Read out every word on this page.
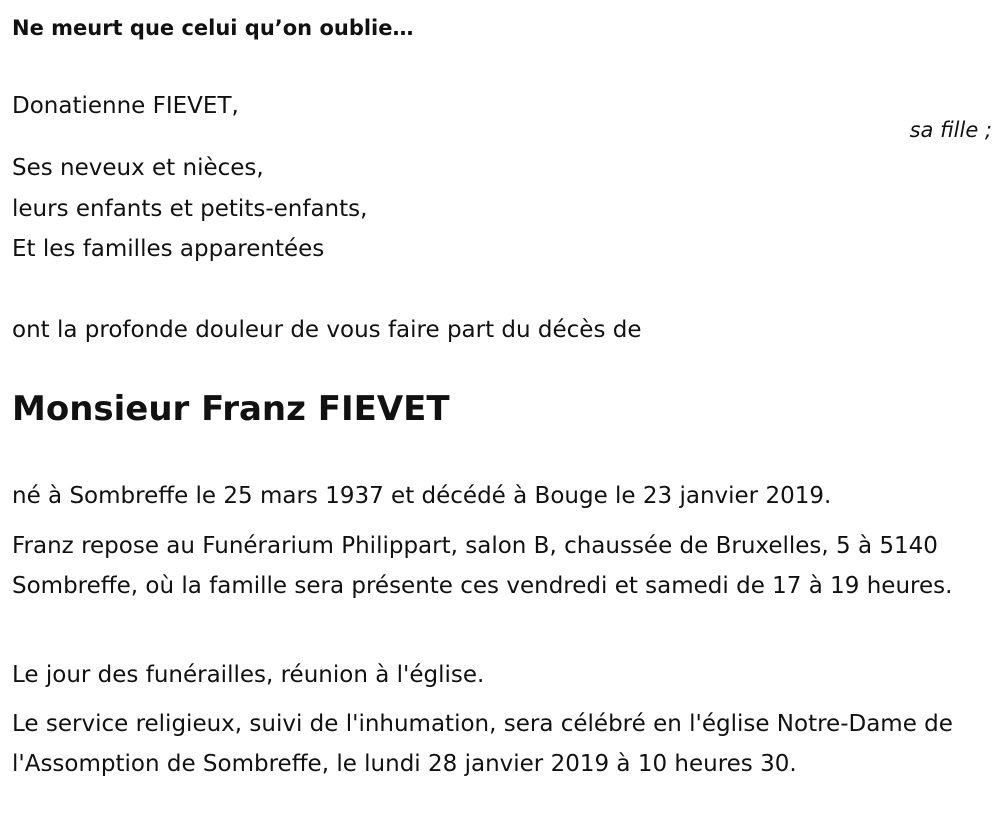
Ne meurt que celui qu’on oublie…

Donatienne FIEVET,

sa fille ;

Ses neveux et nièces,

leurs enfants et petits-enfants,

Et les familles apparentées

ont la profonde douleur de vous faire part du décès de

Monsieur Franz FIEVET

né à Sombreffe le 25 mars 1937 et décédé à Bouge le 23 janvier 2019.

Franz repose au Funérarium Philippart, salon B, chaussée de Bruxelles, 5 à 5140 Sombreffe, où la famille sera présente ces vendredi et samedi de 17 à 19 heures.

Le jour des funérailles, réunion à l'église.

Le service religieux, suivi de l'inhumation, sera célébré en l'église Notre-Dame de l'Assomption de Sombreffe, le lundi 28 janvier 2019 à 10 heures 30.
